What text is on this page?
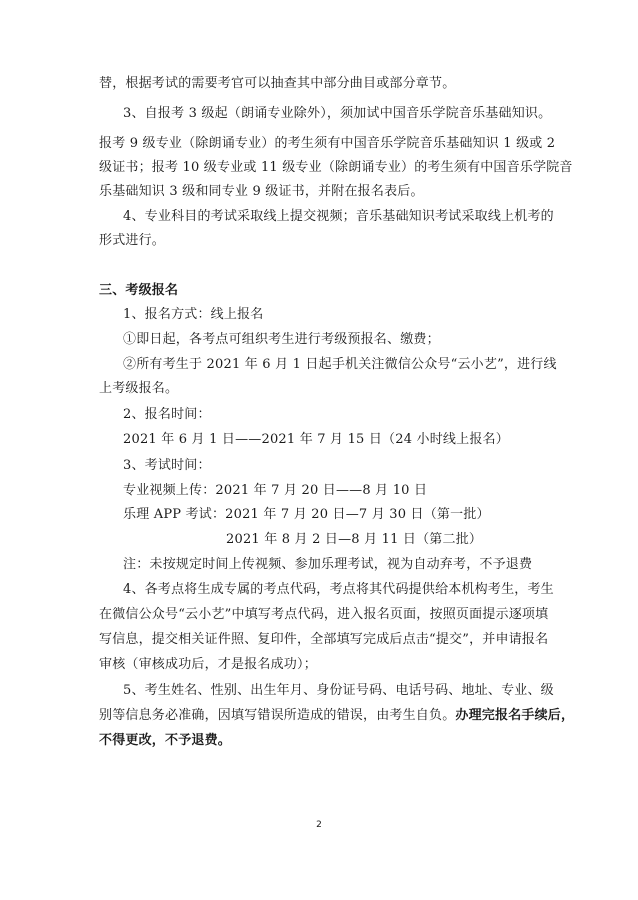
替，根据考试的需要考官可以抽查其中部分曲目或部分章节。
3、自报考 3 级起（朗诵专业除外），须加试中国音乐学院音乐基础知识。
报考 9 级专业（除朗诵专业）的考生须有中国音乐学院音乐基础知识 1 级或 2
级证书；报考 10 级专业或 11 级专业（除朗诵专业）的考生须有中国音乐学院音
乐基础知识 3 级和同专业 9 级证书，并附在报名表后。
4、专业科目的考试采取线上提交视频；音乐基础知识考试采取线上机考的
形式进行。
三、考级报名
1、报名方式：线上报名
①即日起，各考点可组织考生进行考级预报名、缴费；
②所有考生于 2021 年 6 月 1 日起手机关注微信公众号“云小艺”，进行线
上考级报名。
2、报名时间：
2021 年 6 月 1 日——2021 年 7 月 15 日（24 小时线上报名）
3、考试时间：
专业视频上传：2021 年 7 月 20 日——8 月 10 日
乐理 APP 考试：2021 年 7 月 20 日—7 月 30 日（第一批）
2021 年 8 月 2 日—8 月 11 日（第二批）
注：未按规定时间上传视频、参加乐理考试，视为自动弃考，不予退费
4、各考点将生成专属的考点代码，考点将其代码提供给本机构考生，考生
在微信公众号“云小艺”中填写考点代码，进入报名页面，按照页面提示逐项填
写信息，提交相关证件照、复印件，全部填写完成后点击“提交”，并申请报名
审核（审核成功后，才是报名成功）；
5、考生姓名、性别、出生年月、身份证号码、电话号码、地址、专业、级
别等信息务必准确，因填写错误所造成的错误，由考生自负。办理完报名手续后，
不得更改，不予退费。
2
